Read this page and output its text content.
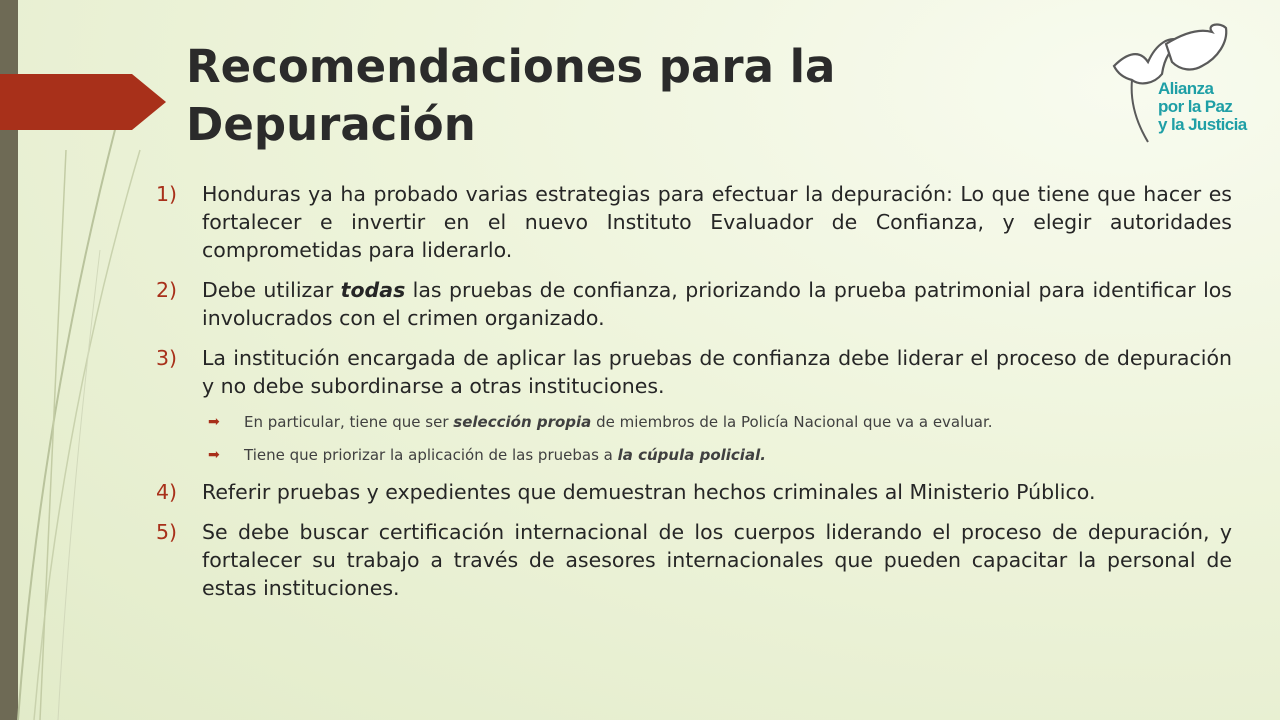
Recomendaciones para la
Depuración
Alianza
por la Paz
y la Justicia
1) Honduras ya ha probado varias estrategias para efectuar la depuración: Lo que tiene que hacer es fortalecer e invertir en el nuevo Instituto Evaluador de Confianza, y elegir autoridades comprometidas para liderarlo.
2) Debe utilizar todas las pruebas de confianza, priorizando la prueba patrimonial para identificar los involucrados con el crimen organizado.
3) La institución encargada de aplicar las pruebas de confianza debe liderar el proceso de depuración y no debe subordinarse a otras instituciones.
➡ En particular, tiene que ser selección propia de miembros de la Policía Nacional que va a evaluar.
➡ Tiene que priorizar la aplicación de las pruebas a la cúpula policial.
4) Referir pruebas y expedientes que demuestran hechos criminales al Ministerio Público.
5) Se debe buscar certificación internacional de los cuerpos liderando el proceso de depuración, y fortalecer su trabajo a través de asesores internacionales que pueden capacitar la personal de estas instituciones.
